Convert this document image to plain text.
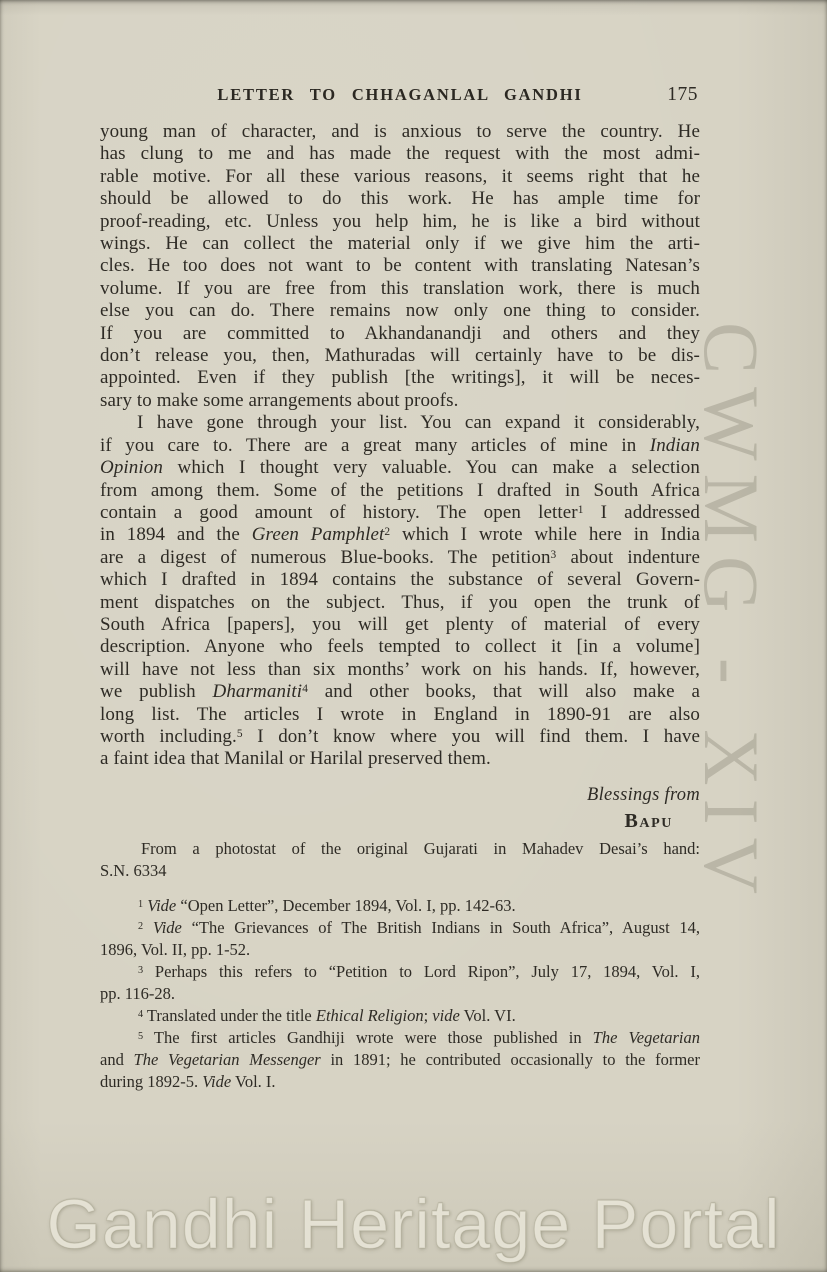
LETTER TO CHHAGANLAL GANDHI	175
young man of character, and is anxious to serve the country. He
has clung to me and has made the request with the most admi-
rable motive. For all these various reasons, it seems right that he
should be allowed to do this work. He has ample time for
proof-reading, etc. Unless you help him, he is like a bird without
wings. He can collect the material only if we give him the arti-
cles. He too does not want to be content with translating Natesan’s
volume. If you are free from this translation work, there is much
else you can do. There remains now only one thing to consider.
If you are committed to Akhandanandji and others and they
don’t release you, then, Mathuradas will certainly have to be dis-
appointed. Even if they publish [the writings], it will be neces-
sary to make some arrangements about proofs.
I have gone through your list. You can expand it considerably,
if you care to. There are a great many articles of mine in Indian
Opinion which I thought very valuable. You can make a selection
from among them. Some of the petitions I drafted in South Africa
contain a good amount of history. The open letter$^1$ I addressed
in 1894 and the Green Pamphlet$^2$ which I wrote while here in India
are a digest of numerous Blue-books. The petition$^3$ about indenture
which I drafted in 1894 contains the substance of several Govern-
ment dispatches on the subject. Thus, if you open the trunk of
South Africa [papers], you will get plenty of material of every
description. Anyone who feels tempted to collect it [in a volume]
will have not less than six months’ work on his hands. If, however,
we publish Dharmaniti$^4$ and other books, that will also make a
long list. The articles I wrote in England in 1890-91 are also
worth including.$^5$ I don’t know where you will find them. I have
a faint idea that Manilal or Harilal preserved them.
Blessings from
Bapu
From a photostat of the original Gujarati in Mahadev Desai’s hand:
S.N. 6334
$^1$ Vide “Open Letter”, December 1894, Vol. I, pp. 142-63.
$^2$ Vide “The Grievances of The British Indians in South Africa”, August 14,
1896, Vol. II, pp. 1-52.
$^3$ Perhaps this refers to “Petition to Lord Ripon”, July 17, 1894, Vol. I,
pp. 116-28.
$^4$ Translated under the title Ethical Religion; vide Vol. VI.
$^5$ The first articles Gandhiji wrote were those published in The Vegetarian
and The Vegetarian Messenger in 1891; he contributed occasionally to the former
during 1892-5. Vide Vol. I.
CWMG - XIV
Gandhi Heritage Portal
